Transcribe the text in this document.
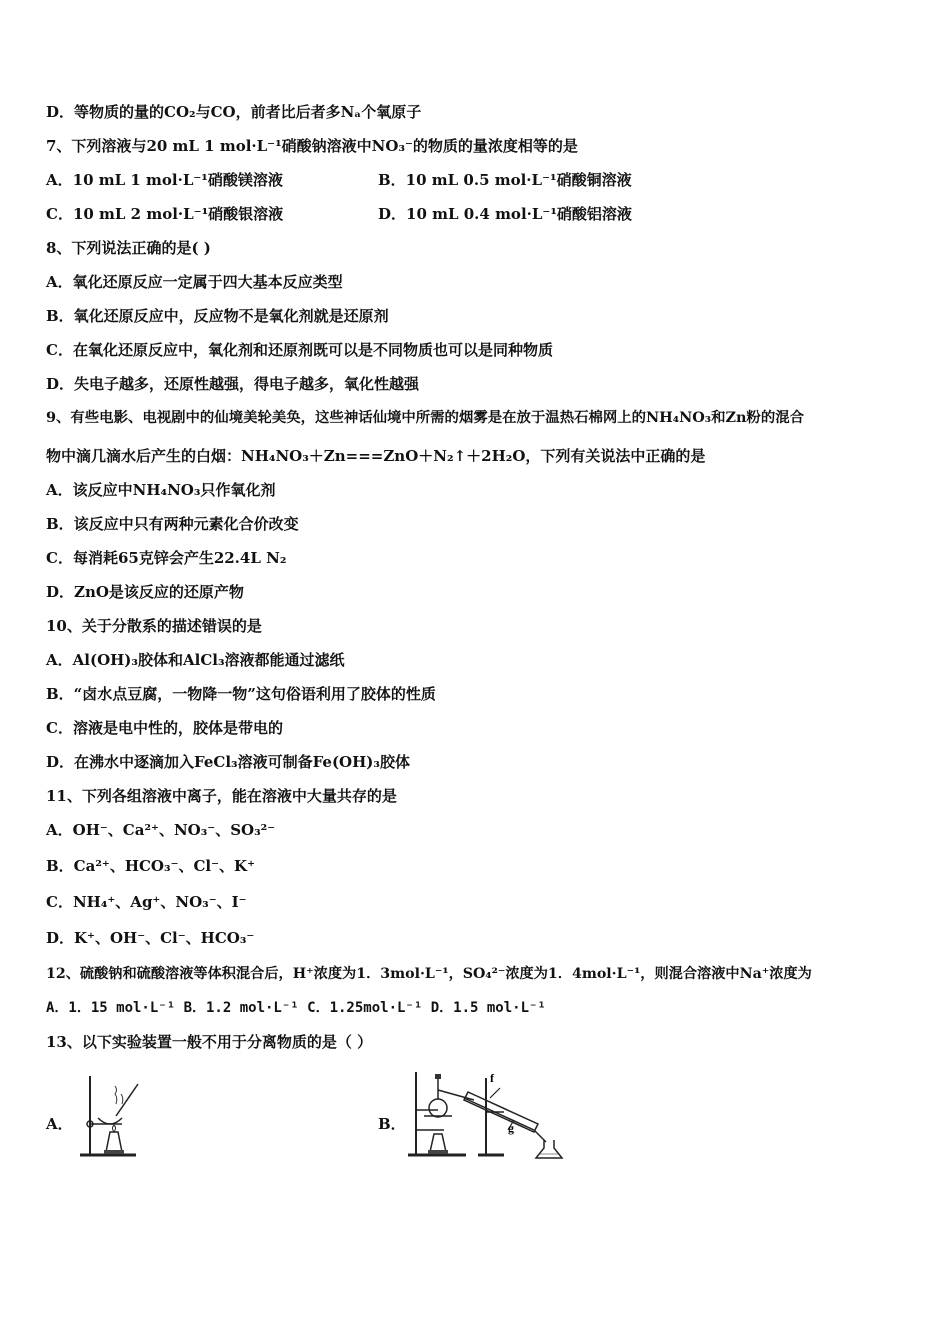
D．等物质的量的CO₂与CO，前者比后者多Nₐ个氧原子
7、下列溶液与20 mL 1 mol·L⁻¹硝酸钠溶液中NO₃⁻的物质的量浓度相等的是
A．10 mL 1 mol·L⁻¹硝酸镁溶液	B．10 mL 0.5 mol·L⁻¹硝酸铜溶液
C．10 mL 2 mol·L⁻¹硝酸银溶液	D．10 mL 0.4 mol·L⁻¹硝酸铝溶液
8、下列说法正确的是( )
A．氧化还原反应一定属于四大基本反应类型
B．氧化还原反应中，反应物不是氧化剂就是还原剂
C．在氧化还原反应中，氧化剂和还原剂既可以是不同物质也可以是同种物质
D．失电子越多，还原性越强，得电子越多，氧化性越强
9、有些电影、电视剧中的仙境美轮美奂，这些神话仙境中所需的烟雾是在放于温热石棉网上的NH₄NO₃和Zn粉的混合
物中滴几滴水后产生的白烟：NH₄NO₃＋Zn===ZnO＋N₂↑＋2H₂O，下列有关说法中正确的是
A．该反应中NH₄NO₃只作氧化剂
B．该反应中只有两种元素化合价改变
C．每消耗65克锌会产生22.4L N₂
D．ZnO是该反应的还原产物
10、关于分散系的描述错误的是
A．Al(OH)₃胶体和AlCl₃溶液都能通过滤纸
B．“卤水点豆腐，一物降一物”这句俗语利用了胶体的性质
C．溶液是电中性的，胶体是带电的
D．在沸水中逐滴加入FeCl₃溶液可制备Fe(OH)₃胶体
11、下列各组溶液中离子，能在溶液中大量共存的是
A．OH⁻、Ca²⁺、NO₃⁻、SO₃²⁻
B．Ca²⁺、HCO₃⁻、Cl⁻、K⁺
C．NH₄⁺、Ag⁺、NO₃⁻、I⁻
D．K⁺、OH⁻、Cl⁻、HCO₃⁻
12、硫酸钠和硫酸溶液等体积混合后，H⁺浓度为1．3mol·L⁻¹，SO₄²⁻浓度为1．4mol·L⁻¹，则混合溶液中Na⁺浓度为
A．1．15 mol·L⁻¹ B．1.2 mol·L⁻¹ C．1.25mol·L⁻¹ D．1.5 mol·L⁻¹
13、以下实验装置一般不用于分离物质的是（ ）
A．	B．
f
g
